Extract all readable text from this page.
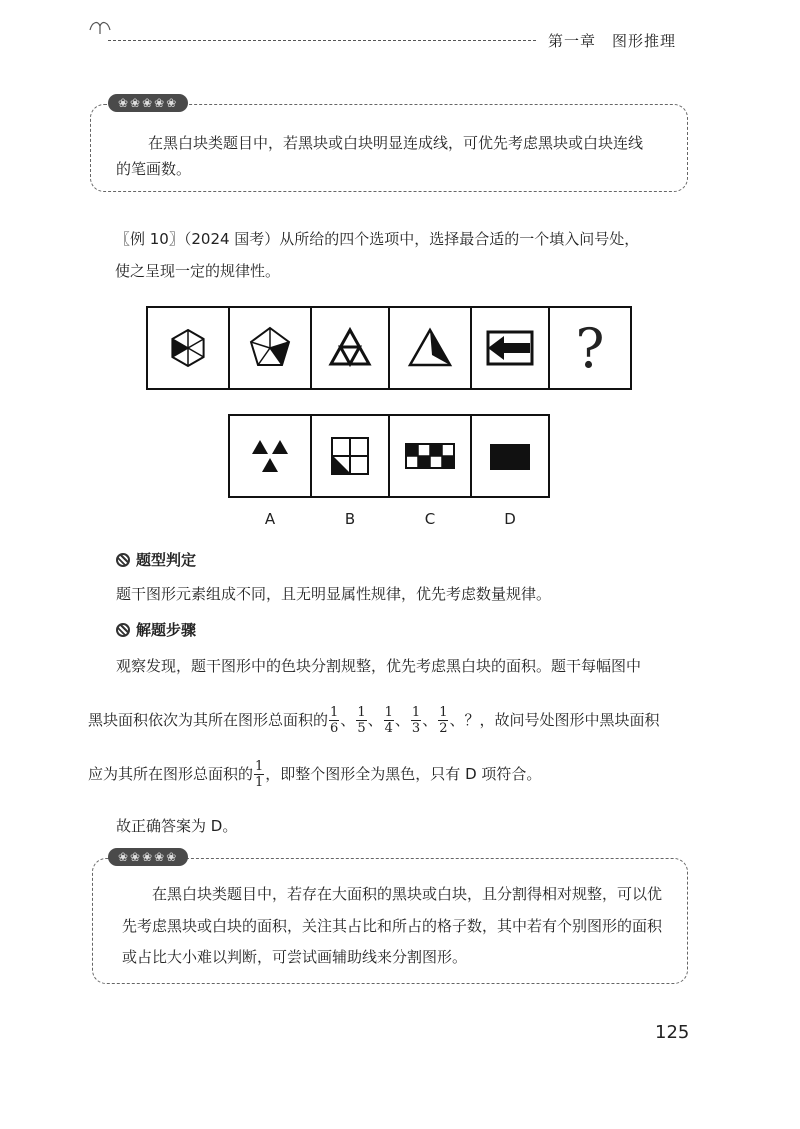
第一章　图形推理
❀❀❀❀❀
在黑白块类题目中，若黑块或白块明显连成线，可优先考虑黑块或白块连线的笔画数。
〖例 10〗（2024 国考）从所给的四个选项中，选择最合适的一个填入问号处，
使之呈现一定的规律性。
?
A	B	C	D
题型判定
题干图形元素组成不同，且无明显属性规律，优先考虑数量规律。
解题步骤
观察发现，题干图形中的色块分割规整，优先考虑黑白块的面积。题干每幅图中
黑块面积依次为其所在图形总面积的 $\frac{1}{6}$ 、 $\frac{1}{5}$ 、 $\frac{1}{4}$ 、 $\frac{1}{3}$ 、 $\frac{1}{2}$ 、？，故问号处图形中黑块面积
应为其所在图形总面积的 $\frac{1}{1}$ ，即整个图形全为黑色，只有 D 项符合。
故正确答案为 D。
❀❀❀❀❀
在黑白块类题目中，若存在大面积的黑块或白块，且分割得相对规整，可以优
先考虑黑块或白块的面积，关注其占比和所占的格子数，其中若有个别图形的面积
或占比大小难以判断，可尝试画辅助线来分割图形。
125
